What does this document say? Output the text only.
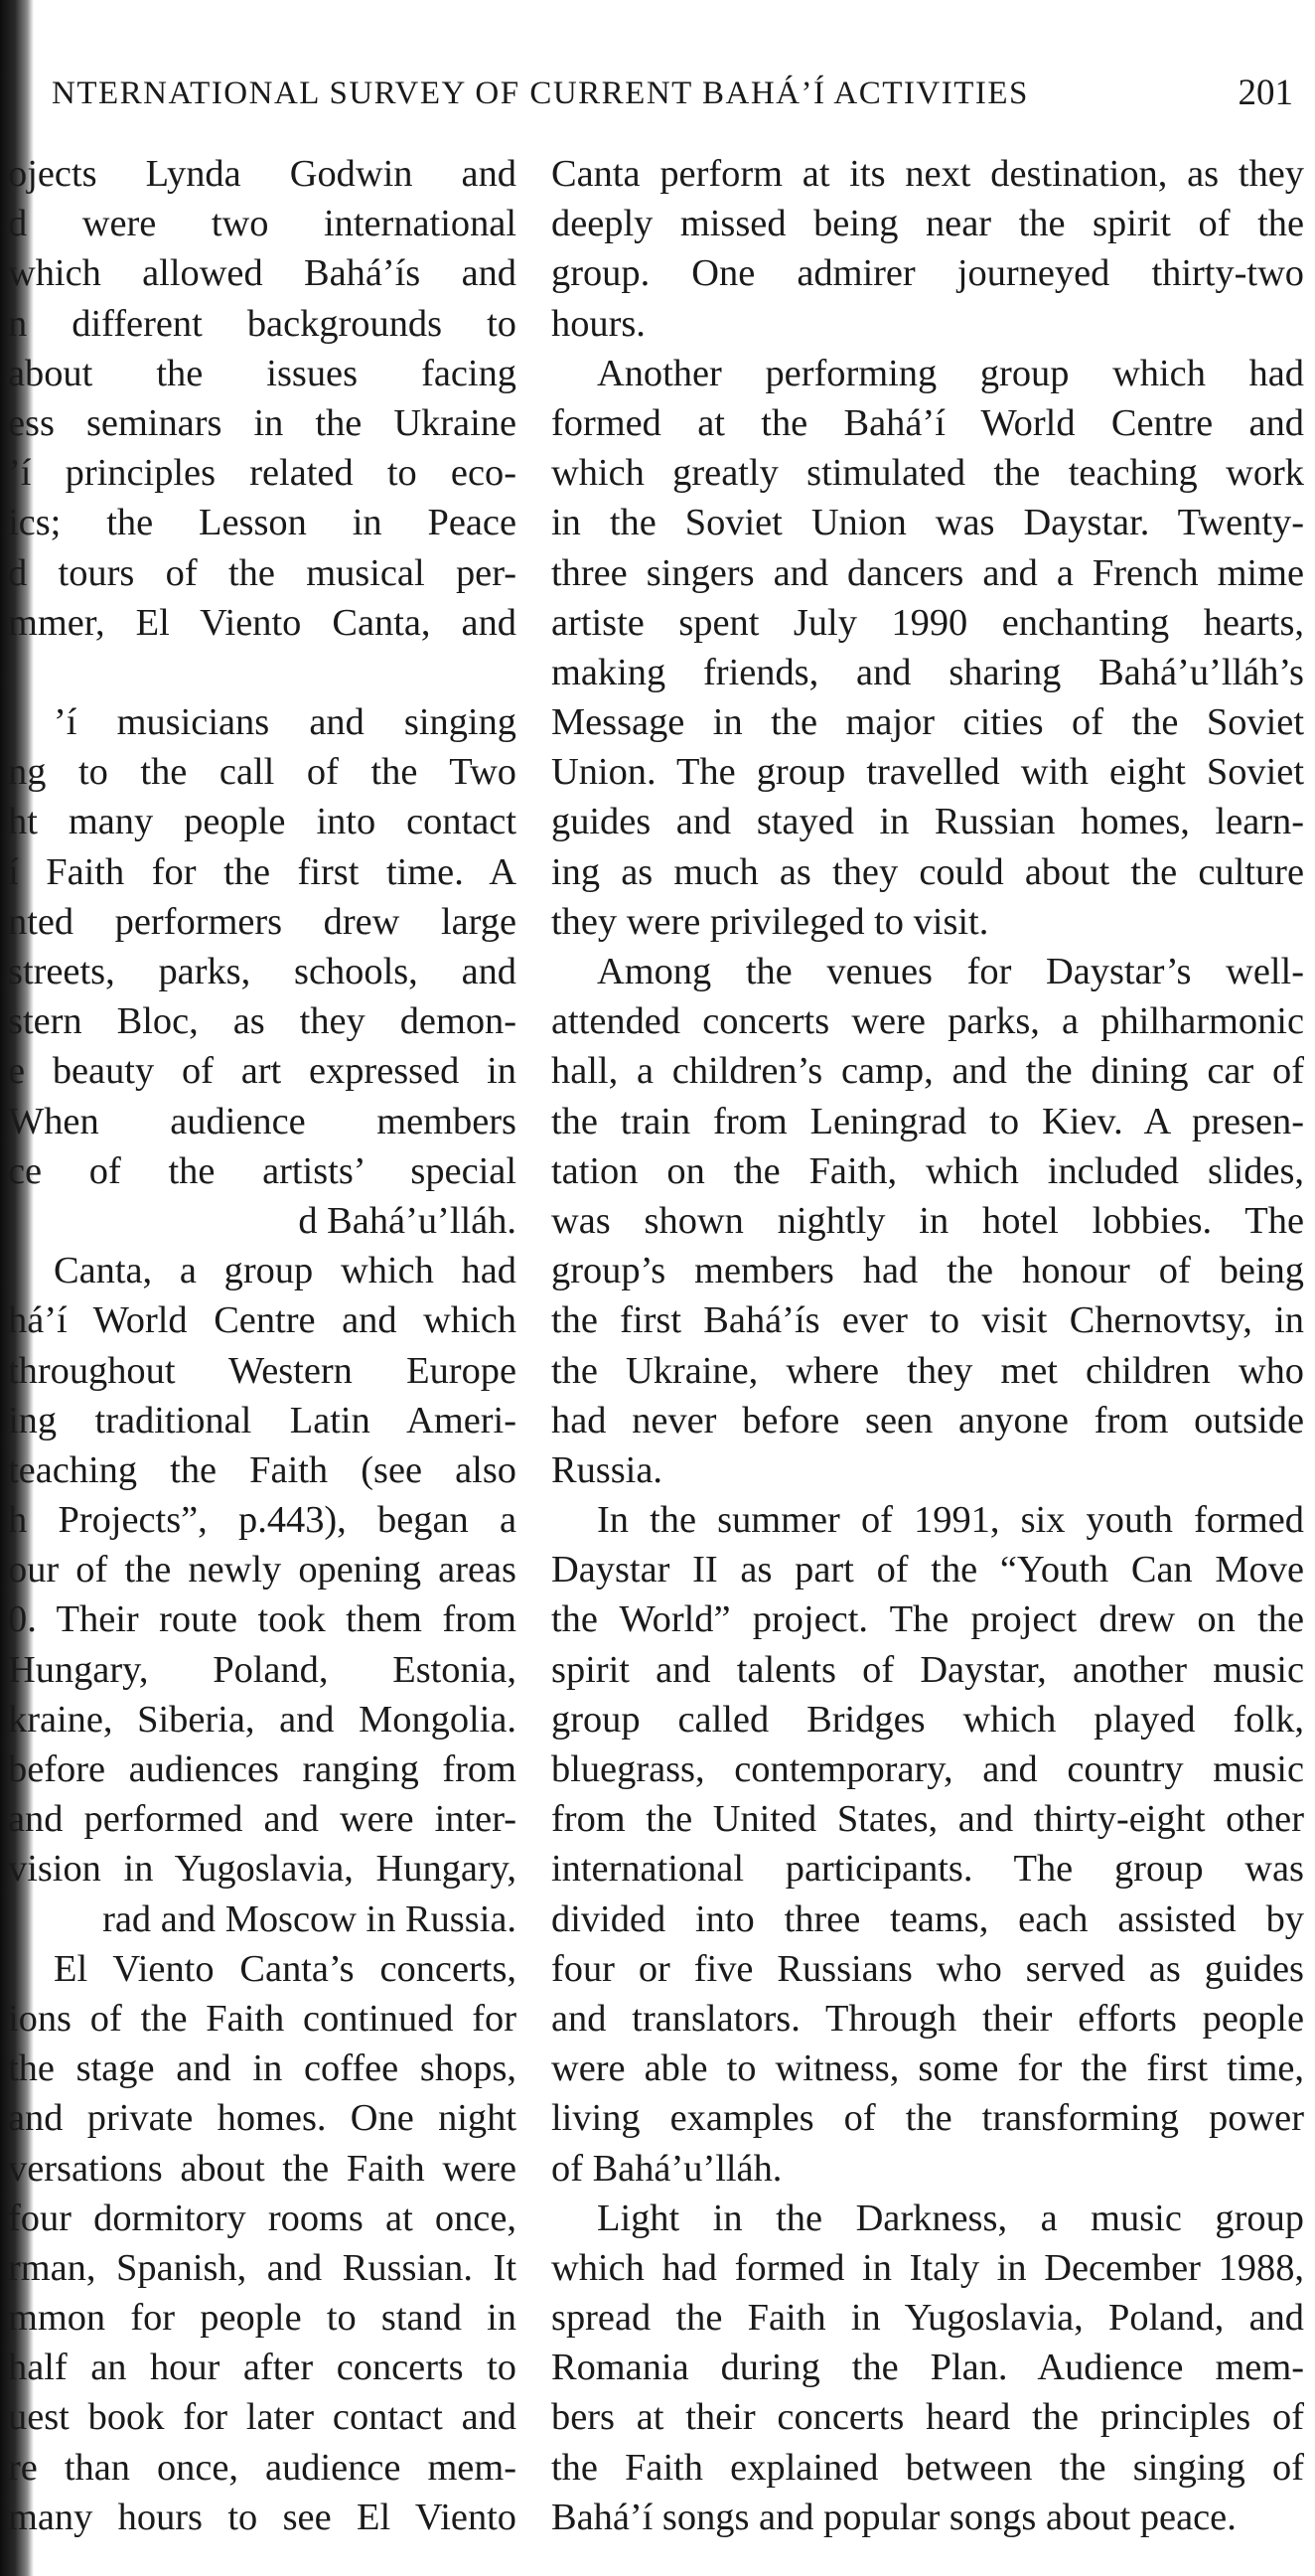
NTERNATIONAL SURVEY OF CURRENT BAHÁ’Í ACTIVITIES	201
ojects Lynda Godwin and
d were two international
which allowed Bahá’ís and
n different backgrounds to
about the issues facing
ess seminars in the Ukraine
’í principles related to eco-
ics; the Lesson in Peace
d tours of the musical per-
mmer, El Viento Canta, and
’í musicians and singing
ng to the call of the Two
ht many people into contact
í Faith for the first time. A
nted performers drew large
streets, parks, schools, and
stern Bloc, as they demon-
e beauty of art expressed in
When audience members
ce of the artists’ special
d Bahá’u’lláh.
Canta, a group which had
há’í World Centre and which
throughout Western Europe
ing traditional Latin Ameri-
teaching the Faith (see also
h Projects”, p.443), began a
our of the newly opening areas
0. Their route took them from
Hungary, Poland, Estonia,
kraine, Siberia, and Mongolia.
before audiences ranging from
and performed and were inter-
vision in Yugoslavia, Hungary,
rad and Moscow in Russia.
El Viento Canta’s concerts,
ions of the Faith continued for
the stage and in coffee shops,
and private homes. One night
versations about the Faith were
four dormitory rooms at once,
rman, Spanish, and Russian. It
mmon for people to stand in
half an hour after concerts to
uest book for later contact and
re than once, audience mem-
many hours to see El Viento
Canta perform at its next destination, as they
deeply missed being near the spirit of the
group. One admirer journeyed thirty-two
hours.
Another performing group which had
formed at the Bahá’í World Centre and
which greatly stimulated the teaching work
in the Soviet Union was Daystar. Twenty-
three singers and dancers and a French mime
artiste spent July 1990 enchanting hearts,
making friends, and sharing Bahá’u’lláh’s
Message in the major cities of the Soviet
Union. The group travelled with eight Soviet
guides and stayed in Russian homes, learn-
ing as much as they could about the culture
they were privileged to visit.
Among the venues for Daystar’s well-
attended concerts were parks, a philharmonic
hall, a children’s camp, and the dining car of
the train from Leningrad to Kiev. A presen-
tation on the Faith, which included slides,
was shown nightly in hotel lobbies. The
group’s members had the honour of being
the first Bahá’ís ever to visit Chernovtsy, in
the Ukraine, where they met children who
had never before seen anyone from outside
Russia.
In the summer of 1991, six youth formed
Daystar II as part of the “Youth Can Move
the World” project. The project drew on the
spirit and talents of Daystar, another music
group called Bridges which played folk,
bluegrass, contemporary, and country music
from the United States, and thirty-eight other
international participants. The group was
divided into three teams, each assisted by
four or five Russians who served as guides
and translators. Through their efforts people
were able to witness, some for the first time,
living examples of the transforming power
of Bahá’u’lláh.
Light in the Darkness, a music group
which had formed in Italy in December 1988,
spread the Faith in Yugoslavia, Poland, and
Romania during the Plan. Audience mem-
bers at their concerts heard the principles of
the Faith explained between the singing of
Bahá’í songs and popular songs about peace.
